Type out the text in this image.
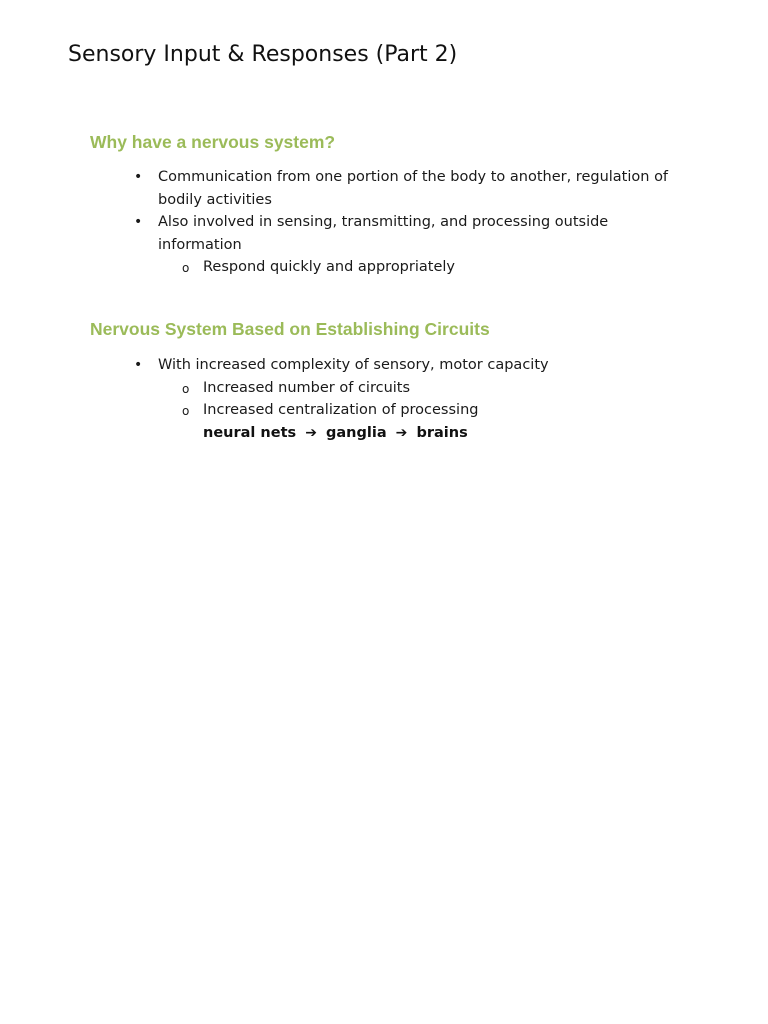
Sensory Input & Responses (Part 2)
Why have a nervous system?
• Communication from one portion of the body to another, regulation of bodily activities
• Also involved in sensing, transmitting, and processing outside information
o Respond quickly and appropriately
Nervous System Based on Establishing Circuits
• With increased complexity of sensory, motor capacity
o Increased number of circuits
o Increased centralization of processing
neural nets ➔ ganglia ➔ brains
